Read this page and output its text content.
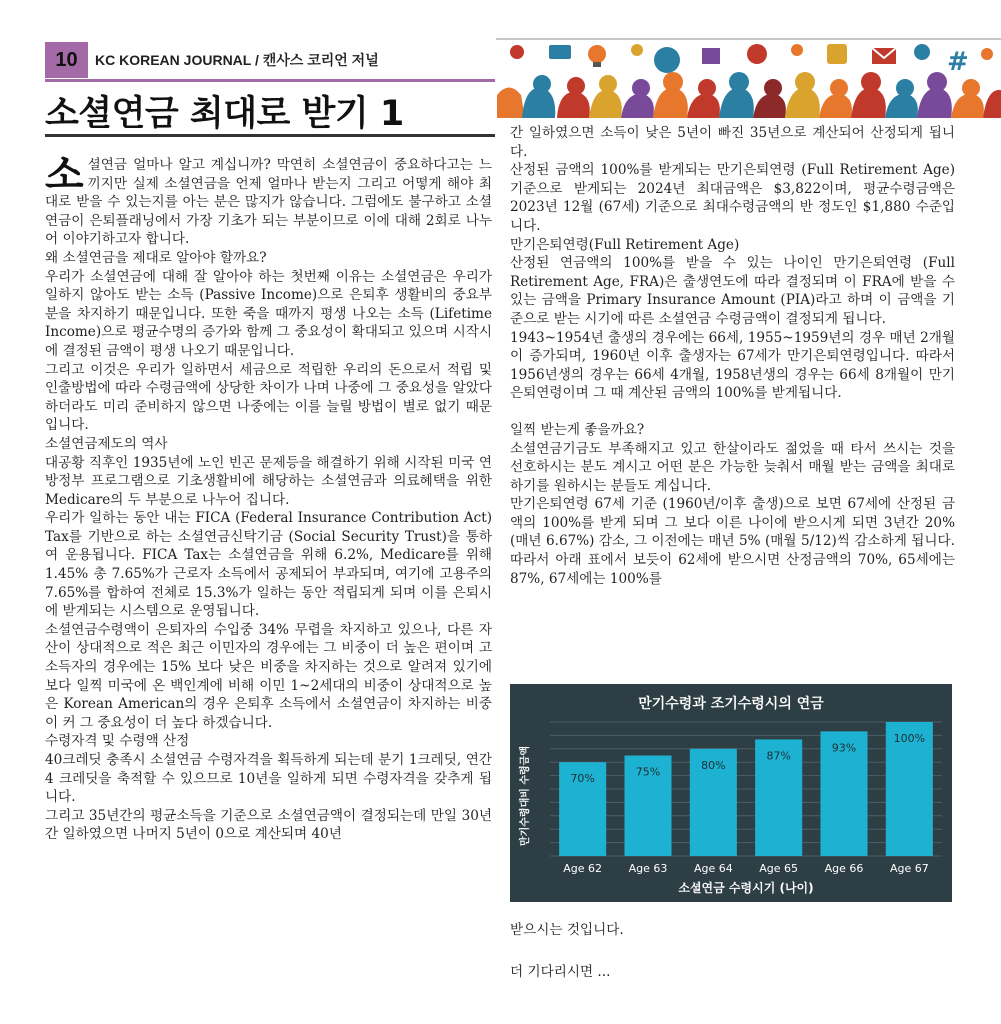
10	KC KOREAN JOURNAL / 캔사스 코리언 저널
소셜연금 최대로 받기 1
#
소 셜연금 얼마나 알고 계십니까? 막연히 소셜연금이 중요하다고는 느끼지만 실제 소셜연금을 언제 얼마나 받는지 그리고 어떻게 해야 최대로 받을 수 있는지를 아는 분은 많지가 않습니다. 그럼에도 불구하고 소셜연금이 은퇴플래닝에서 가장 기초가 되는 부분이므로 이에 대해 2회로 나누어 이야기하고자 합니다.

왜 소셜연금을 제대로 알아야 할까요?

우리가 소셜연금에 대해 잘 알아야 하는 첫번째 이유는 소셜연금은 우리가 일하지 않아도 받는 소득 (Passive Income)으로 은퇴후 생활비의 중요부분을 차지하기 때문입니다. 또한 죽을 때까지 평생 나오는 소득 (Lifetime Income)으로 평균수명의 증가와 함께 그 중요성이 확대되고 있으며 시작시에 결정된 금액이 평생 나오기 때문입니다.

그리고 이것은 우리가 일하면서 세금으로 적립한 우리의 돈으로서 적립 및 인출방법에 따라 수령금액에 상당한 차이가 나며 나중에 그 중요성을 알았다하더라도 미리 준비하지 않으면 나중에는 이를 늘릴 방법이 별로 없기 때문입니다.

소셜연금제도의 역사

대공황 직후인 1935년에 노인 빈곤 문제등을 해결하기 위해 시작된 미국 연방정부 프로그램으로 기초생활비에 해당하는 소셜연금과 의료혜택을 위한 Medicare의 두 부분으로 나누어 집니다.

우리가 일하는 동안 내는 FICA (Federal Insurance Contribution Act) Tax를 기반으로 하는 소셜연금신탁기금 (Social Security Trust)을 통하여 운용됩니다. FICA Tax는 소셜연금을 위해 6.2%, Medicare를 위해 1.45% 총 7.65%가 근로자 소득에서 공제되어 부과되며, 여기에 고용주의 7.65%를 합하여 전체로 15.3%가 일하는 동안 적립되게 되며 이를 은퇴시에 받게되는 시스템으로 운영됩니다.

소셜연금수령액이 은퇴자의 수입중 34% 무렵을 차지하고 있으나, 다른 자산이 상대적으로 적은 최근 이민자의 경우에는 그 비중이 더 높은 편이며 고소득자의 경우에는 15% 보다 낮은 비중을 차지하는 것으로 알려져 있기에 보다 일찍 미국에 온 백인계에 비해 이민 1~2세대의 비중이 상대적으로 높은 Korean American의 경우 은퇴후 소득에서 소셜연금이 차지하는 비중이 커 그 중요성이 더 높다 하겠습니다.

수령자격 및 수령액 산정

40크레딧 충족시 소셜연금 수령자격을 획득하게 되는데 분기 1크레딧, 연간 4 크레딧을 축적할 수 있으므로 10년을 일하게 되면 수령자격을 갖추게 됩니다.

그리고 35년간의 평균소득을 기준으로 소셜연금액이 결정되는데 만일 30년간 일하였으면 나머지 5년이 0으로 계산되며 40년

간 일하였으면 소득이 낮은 5년이 빠진 35년으로 계산되어 산정되게 됩니다.

산정된 금액의 100%를 받게되는 만기은퇴연령 (Full Retirement Age) 기준으로 받게되는 2024년 최대금액은 $3,822이며, 평균수령금액은 2023년 12월 (67세) 기준으로 최대수령금액의 반 정도인 $1,880 수준입니다.

만기은퇴연령(Full Retirement Age)

산정된 연금액의 100%를 받을 수 있는 나이인 만기은퇴연령 (Full Retirement Age, FRA)은 출생연도에 따라 결정되며 이 FRA에 받을 수 있는 금액을 Primary Insurance Amount (PIA)라고 하며 이 금액을 기준으로 받는 시기에 따른 소셜연금 수령금액이 결정되게 됩니다.

1943~1954년 출생의 경우에는 66세, 1955~1959년의 경우 매년 2개월이 증가되며, 1960년 이후 출생자는 67세가 만기은퇴연령입니다. 따라서 1956년생의 경우는 66세 4개월, 1958년생의 경우는 66세 8개월이 만기은퇴연령이며 그 때 계산된 금액의 100%를 받게됩니다.

일찍 받는게 좋을까요?

소셜연금기금도 부족해지고 있고 한살이라도 젊었을 때 타서 쓰시는 것을 선호하시는 분도 계시고 어떤 분은 가능한 늦춰서 매월 받는 금액을 최대로 하기를 원하시는 분들도 계십니다.

만기은퇴연령 67세 기준 (1960년/이후 출생)으로 보면 67세에 산정된 금액의 100%를 받게 되며 그 보다 이른 나이에 받으시게 되면 3년간 20% (매년 6.67%) 감소, 그 이전에는 매년 5% (매월 5/12)씩 감소하게 됩니다. 따라서 아래 표에서 보듯이 62세에 받으시면 산정금액의 70%, 65세에는 87%, 67세에는 100%를

만기수령과 조기수령시의 연금
만기수령대비 수령금액
소셜연금 수령시기 (나이)
70%
Age 62
75%
Age 63
80%
Age 64
87%
Age 65
93%
Age 66
100%
Age 67

받으시는 것입니다.

더 기다리시면 ...
